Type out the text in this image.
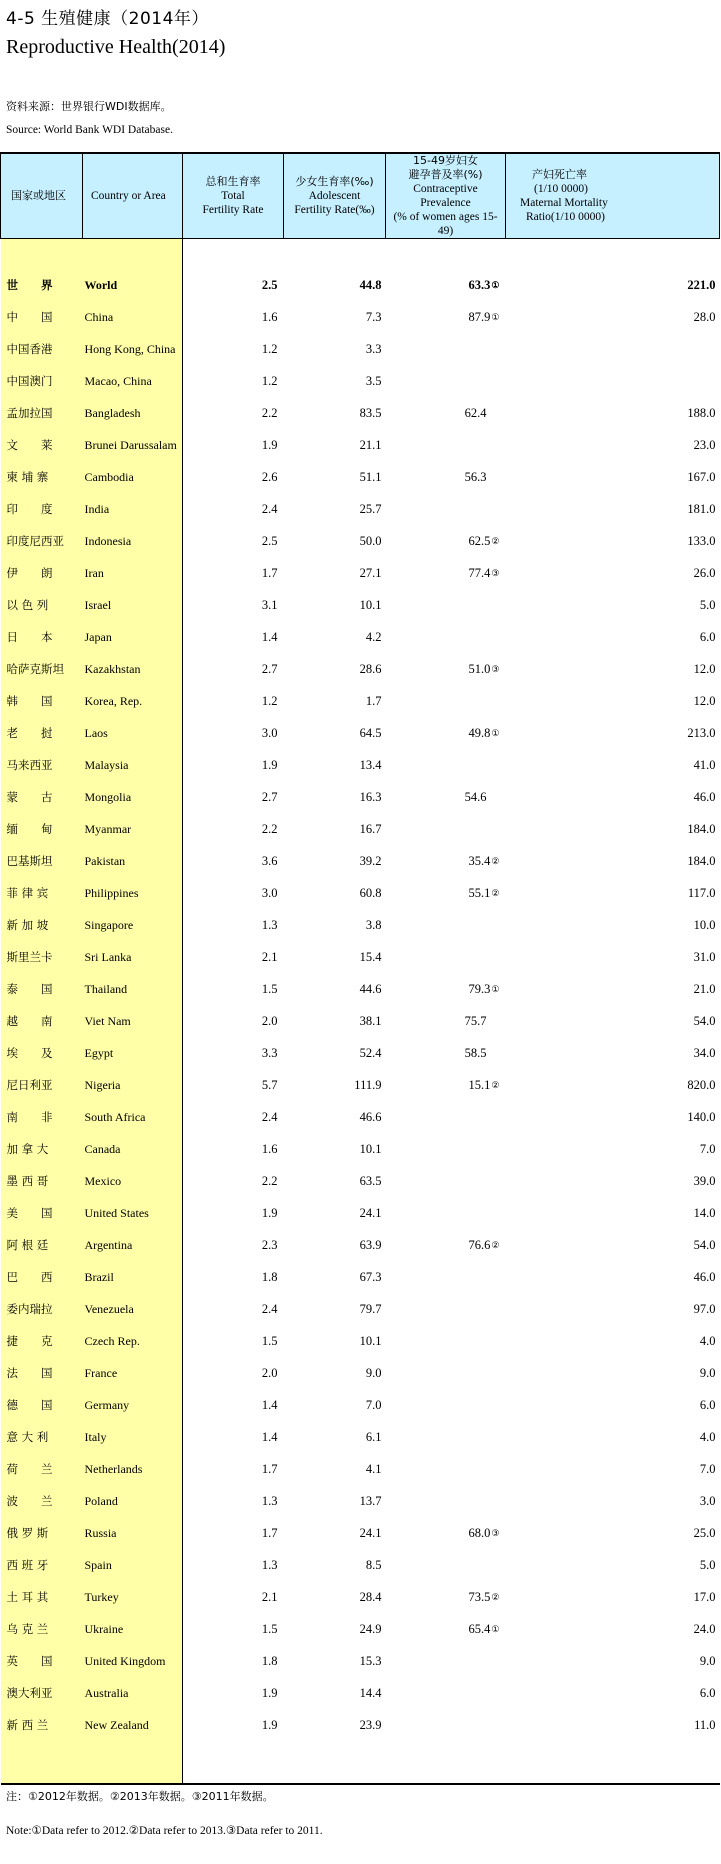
4-5 生殖健康（2014年）
Reproductive Health(2014)
资料来源：世界银行WDI数据库。
Source: World Bank WDI Database.
国家或地区	Country or Area	总和生育率
Total
Fertility Rate	少女生育率(‰)
Adolescent
Fertility Rate(‰)	15-49岁妇女
避孕普及率(%)
Contraceptive Prevalence
(% of women ages 15-49)	产妇死亡率
(1/10 0000)
Maternal Mortality
Ratio(1/10 0000)

世　　界	World	2.5	44.8	63.3①	221.0
中　　国	China	1.6	7.3	87.9①	28.0
中国香港	Hong Kong, China	1.2	3.3		
中国澳门	Macao, China	1.2	3.5		
孟加拉国	Bangladesh	2.2	83.5	62.4	188.0
文　　莱	Brunei Darussalam	1.9	21.1		23.0
柬 埔 寨	Cambodia	2.6	51.1	56.3	167.0
印　　度	India	2.4	25.7		181.0
印度尼西亚	Indonesia	2.5	50.0	62.5②	133.0
伊　　朗	Iran	1.7	27.1	77.4③	26.0
以 色 列	Israel	3.1	10.1		5.0
日　　本	Japan	1.4	4.2		6.0
哈萨克斯坦	Kazakhstan	2.7	28.6	51.0③	12.0
韩　　国	Korea, Rep.	1.2	1.7		12.0
老　　挝	Laos	3.0	64.5	49.8①	213.0
马来西亚	Malaysia	1.9	13.4		41.0
蒙　　古	Mongolia	2.7	16.3	54.6	46.0
缅　　甸	Myanmar	2.2	16.7		184.0
巴基斯坦	Pakistan	3.6	39.2	35.4②	184.0
菲 律 宾	Philippines	3.0	60.8	55.1②	117.0
新 加 坡	Singapore	1.3	3.8		10.0
斯里兰卡	Sri Lanka	2.1	15.4		31.0
泰　　国	Thailand	1.5	44.6	79.3①	21.0
越　　南	Viet Nam	2.0	38.1	75.7	54.0
埃　　及	Egypt	3.3	52.4	58.5	34.0
尼日利亚	Nigeria	5.7	111.9	15.1②	820.0
南　　非	South Africa	2.4	46.6		140.0
加 拿 大	Canada	1.6	10.1		7.0
墨 西 哥	Mexico	2.2	63.5		39.0
美　　国	United States	1.9	24.1		14.0
阿 根 廷	Argentina	2.3	63.9	76.6②	54.0
巴　　西	Brazil	1.8	67.3		46.0
委内瑞拉	Venezuela	2.4	79.7		97.0
捷　　克	Czech Rep.	1.5	10.1		4.0
法　　国	France	2.0	9.0		9.0
德　　国	Germany	1.4	7.0		6.0
意 大 利	Italy	1.4	6.1		4.0
荷　　兰	Netherlands	1.7	4.1		7.0
波　　兰	Poland	1.3	13.7		3.0
俄 罗 斯	Russia	1.7	24.1	68.0③	25.0
西 班 牙	Spain	1.3	8.5		5.0
土 耳 其	Turkey	2.1	28.4	73.5②	17.0
乌 克 兰	Ukraine	1.5	24.9	65.4①	24.0
英　　国	United Kingdom	1.8	15.3		9.0
澳大利亚	Australia	1.9	14.4		6.0
新 西 兰	New Zealand	1.9	23.9		11.0

注：①2012年数据。②2013年数据。③2011年数据。
Note:①Data refer to 2012.②Data refer to 2013.③Data refer to 2011.
